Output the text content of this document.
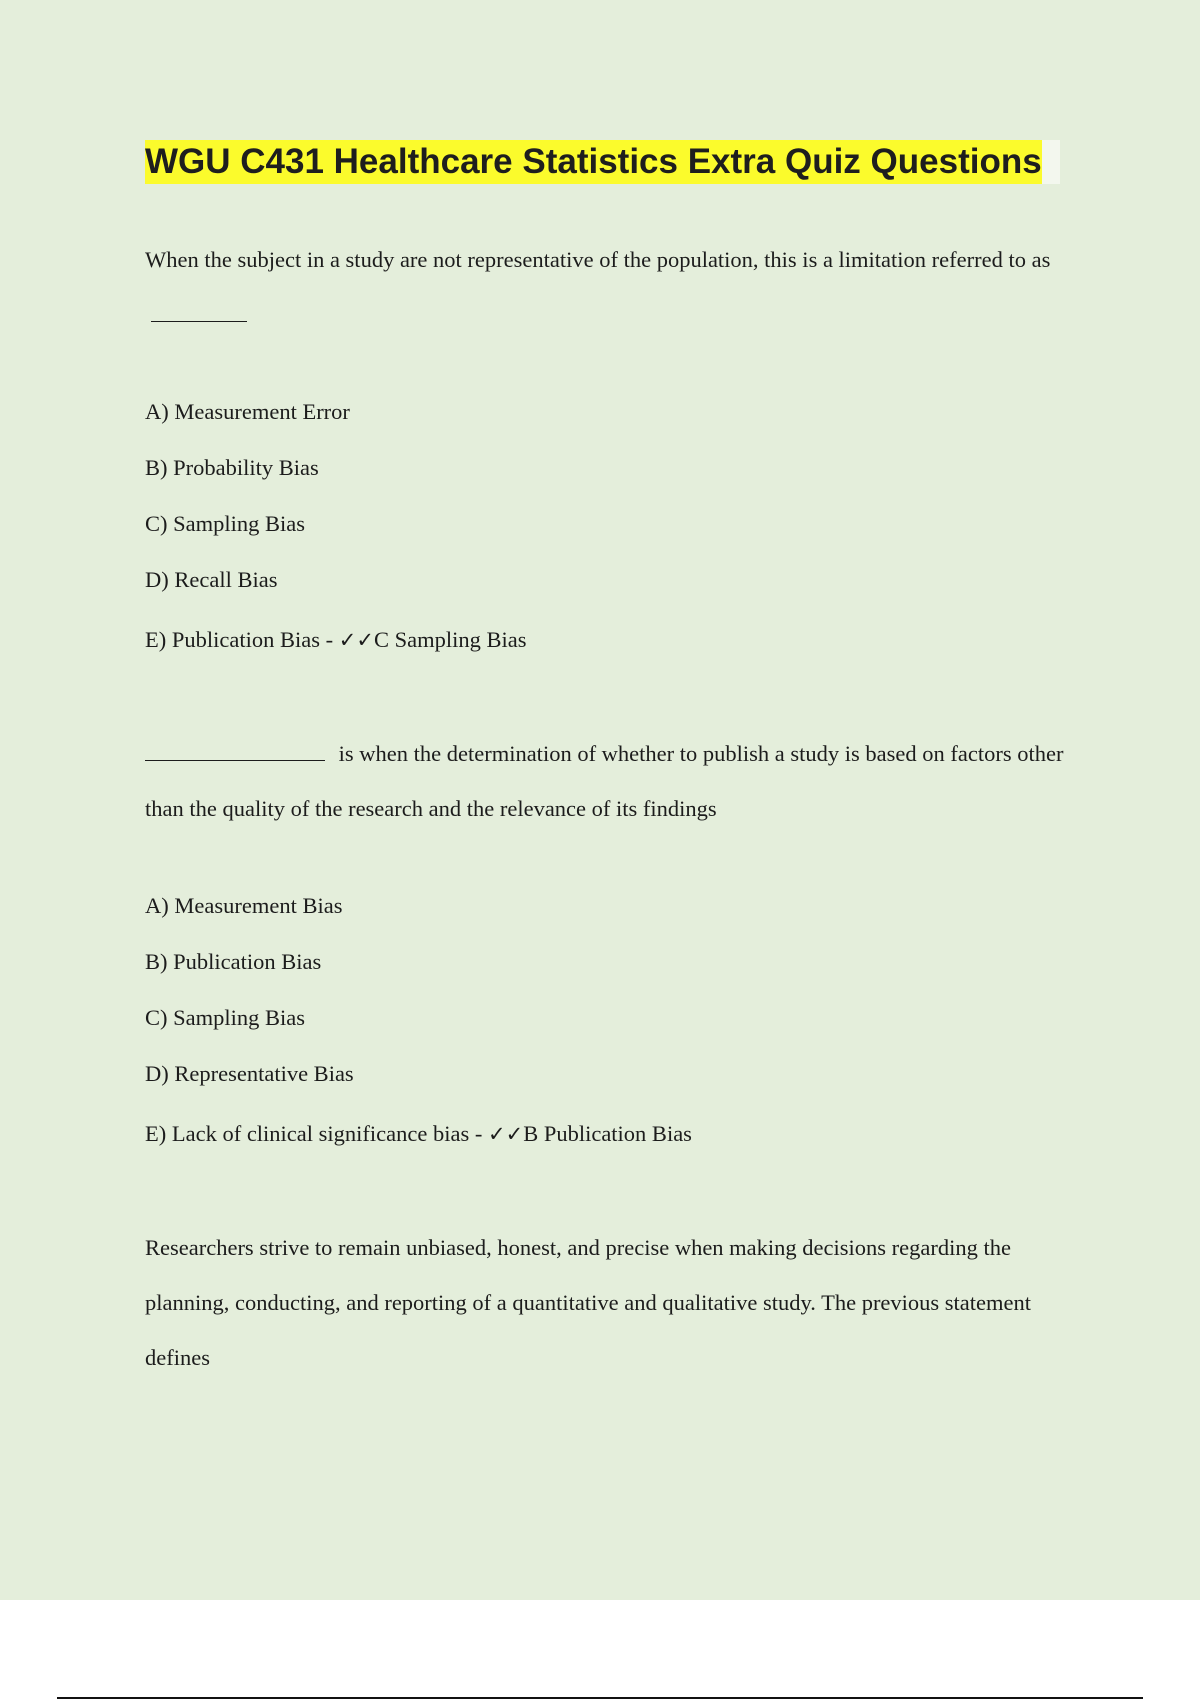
WGU C431 Healthcare Statistics Extra Quiz Questions

When the subject in a study are not representative of the population, this is a limitation referred to as

A) Measurement Error
B) Probability Bias
C) Sampling Bias
D) Recall Bias
E) Publication Bias - ✓✓C Sampling Bias

is when the determination of whether to publish a study is based on factors other than the quality of the research and the relevance of its findings

A) Measurement Bias
B) Publication Bias
C) Sampling Bias
D) Representative Bias
E) Lack of clinical significance bias - ✓✓B Publication Bias

Researchers strive to remain unbiased, honest, and precise when making decisions regarding the planning, conducting, and reporting of a quantitative and qualitative study. The previous statement defines
